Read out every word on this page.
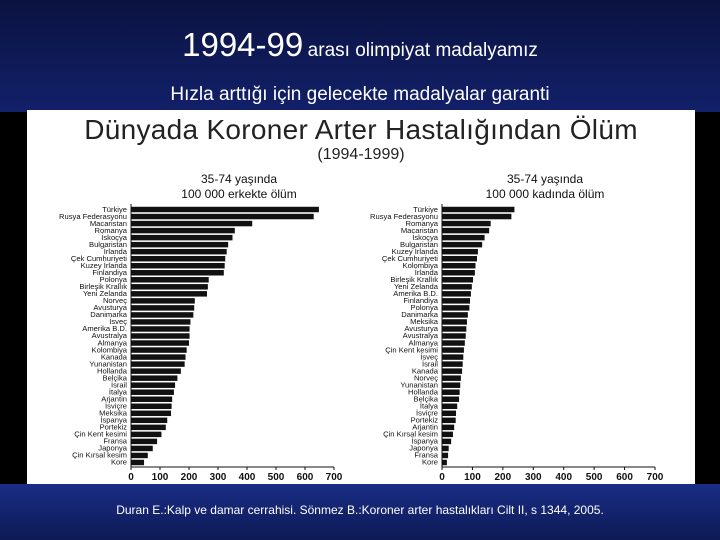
1994-99 arası olimpiyat madalyamız
Hızla arttığı için gelecekte madalyalar garanti
Dünyada Koroner Arter Hastalığından Ölüm
(1994-1999)
35-74 yaşında
100 000 erkekte ölüm
Türkiye
Rusya Federasyonu
Macaristan
Romanya
İskoçya
Bulgaristan
İrlanda
Çek Cumhuriyeti
Kuzey İrlanda
Finlandiya
Polonya
Birleşik Krallık
Yeni Zelanda
Norveç
Avusturya
Danimarka
İsveç
Amerika B.D.
Avustralya
Almanya
Kolombiya
Kanada
Yunanistan
Hollanda
Belçika
İsrail
İtalya
Arjantin
İsviçre
Meksika
İspanya
Portekiz
Çin Kent kesimi
Fransa
Japonya
Çin Kırsal kesim
Kore
0 100 200 300 400 500 600 700
35-74 yaşında
100 000 kadında ölüm
Türkiye
Rusya Federasyonu
Romanya
Macaristan
İskoçya
Bulgaristan
Kuzey İrlanda
Çek Cumhuriyeti
Kolombiya
İrlanda
Birleşik Krallık
Yeni Zelanda
Amerika B.D.
Finlandiya
Polonya
Danimarka
Meksika
Avusturya
Avustralya
Almanya
Çin Kent kesimi
İsveç
İsrail
Kanada
Norveç
Yunanistan
Hollanda
Belçika
İtalya
İsviçre
Portekiz
Arjantin
Çin Kırsal kesim
İspanya
Japonya
Fransa
Kore
0 100 200 300 400 500 600 700
Duran E.:Kalp ve damar cerrahisi. Sönmez B.:Koroner arter hastalıkları Cilt II, s 1344, 2005.
